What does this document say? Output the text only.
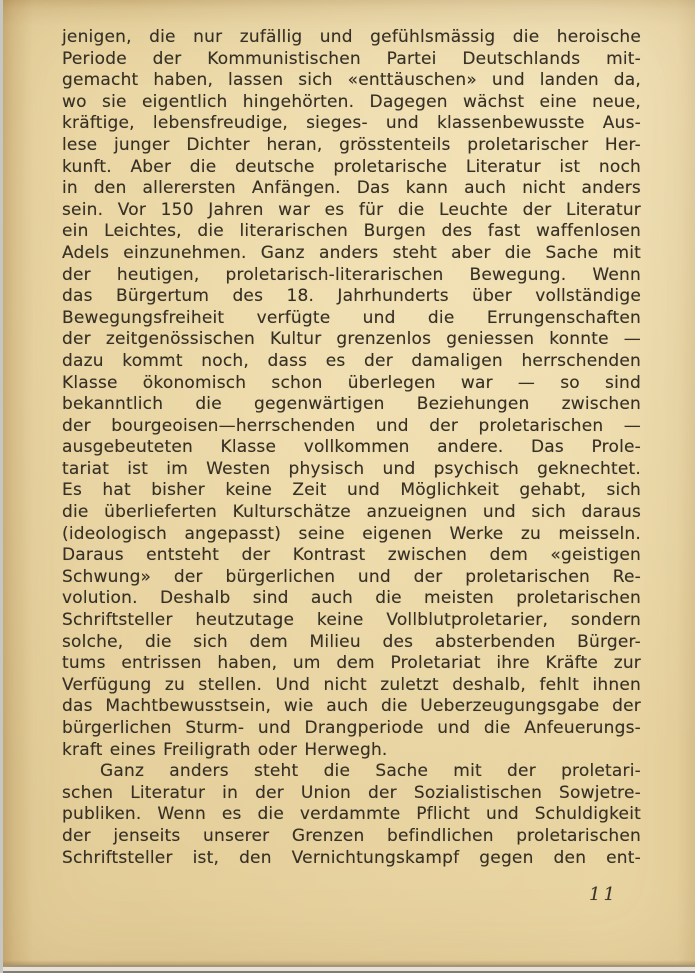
jenigen, die nur zufällig und gefühlsmässig die heroische
Periode der Kommunistischen Partei Deutschlands mit-
gemacht haben, lassen sich «enttäuschen» und landen da,
wo sie eigentlich hingehörten. Dagegen wächst eine neue,
kräftige, lebensfreudige, sieges- und klassenbewusste Aus-
lese junger Dichter heran, grösstenteils proletarischer Her-
kunft. Aber die deutsche proletarische Literatur ist noch
in den allerersten Anfängen. Das kann auch nicht anders
sein. Vor 150 Jahren war es für die Leuchte der Literatur
ein Leichtes, die literarischen Burgen des fast waffenlosen
Adels einzunehmen. Ganz anders steht aber die Sache mit
der heutigen, proletarisch-literarischen Bewegung. Wenn
das Bürgertum des 18. Jahrhunderts über vollständige
Bewegungsfreiheit verfügte und die Errungenschaften
der zeitgenössischen Kultur grenzenlos geniessen konnte —
dazu kommt noch, dass es der damaligen herrschenden
Klasse ökonomisch schon überlegen war — so sind
bekanntlich die gegenwärtigen Beziehungen zwischen
der bourgeoisen—herrschenden und der proletarischen —
ausgebeuteten Klasse vollkommen andere. Das Prole-
tariat ist im Westen physisch und psychisch geknechtet.
Es hat bisher keine Zeit und Möglichkeit gehabt, sich
die überlieferten Kulturschätze anzueignen und sich daraus
(ideologisch angepasst) seine eigenen Werke zu meisseln.
Daraus entsteht der Kontrast zwischen dem «geistigen
Schwung» der bürgerlichen und der proletarischen Re-
volution. Deshalb sind auch die meisten proletarischen
Schriftsteller heutzutage keine Vollblutproletarier, sondern
solche, die sich dem Milieu des absterbenden Bürger-
tums entrissen haben, um dem Proletariat ihre Kräfte zur
Verfügung zu stellen. Und nicht zuletzt deshalb, fehlt ihnen
das Machtbewusstsein, wie auch die Ueberzeugungsgabe der
bürgerlichen Sturm- und Drangperiode und die Anfeuerungs-
kraft eines Freiligrath oder Herwegh.
Ganz anders steht die Sache mit der proletari-
schen Literatur in der Union der Sozialistischen Sowjetre-
publiken. Wenn es die verdammte Pflicht und Schuldigkeit
der jenseits unserer Grenzen befindlichen proletarischen
Schriftsteller ist, den Vernichtungskampf gegen den ent-
11
